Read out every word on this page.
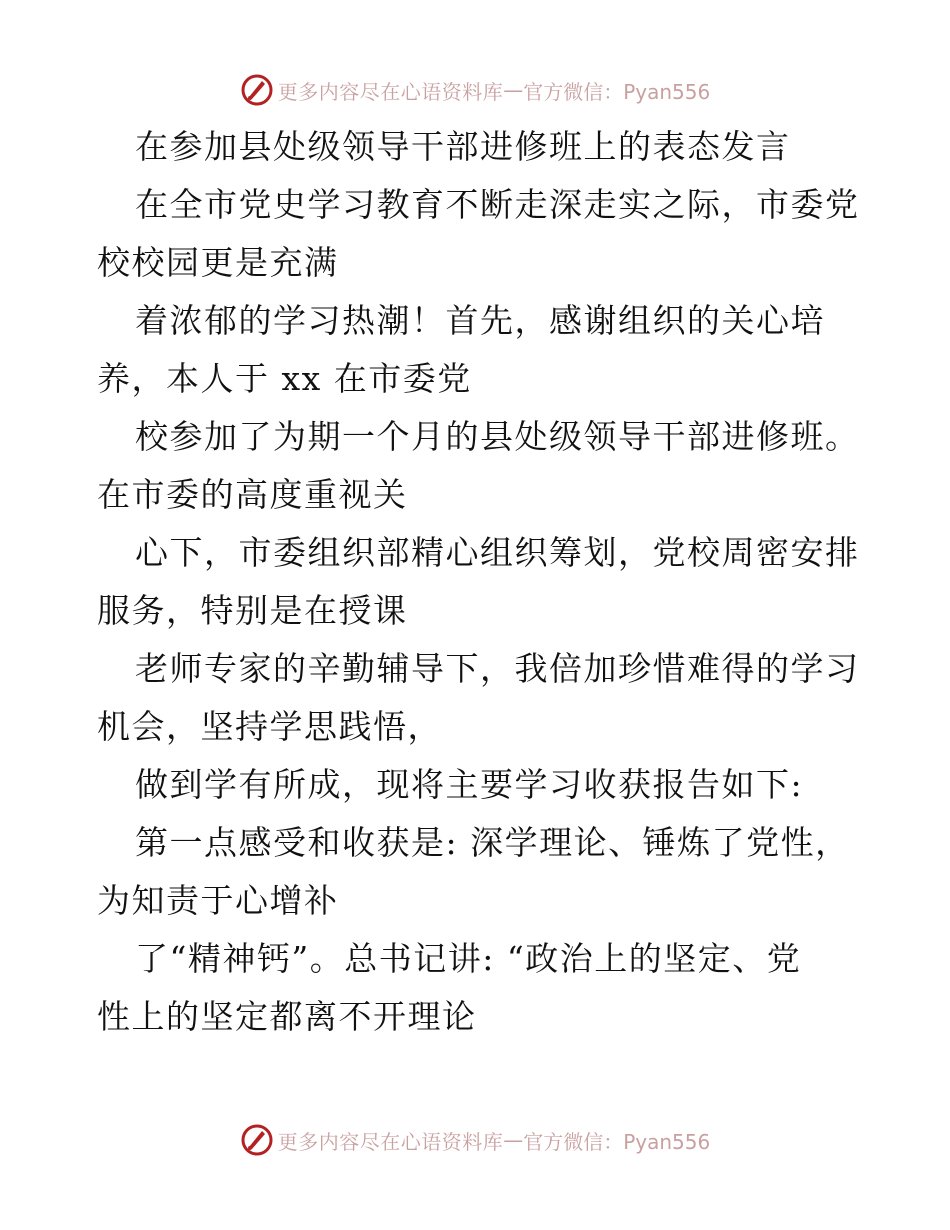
更多内容尽在心语资料库 — 官方微信：Pyan556
在参加县处级领导干部进修班上的表态发言
在全市党史学习教育不断走深走实之际，市委党
校校园更是充满
着浓郁的学习热潮！首先，感谢组织的关心培
养，本人于 xx 在市委党
校参加了为期一个月的县处级领导干部进修班。
在市委的高度重视关
心下，市委组织部精心组织筹划，党校周密安排
服务，特别是在授课
老师专家的辛勤辅导下，我倍加珍惜难得的学习
机会，坚持学思践悟，
做到学有所成，现将主要学习收获报告如下:
第一点感受和收获是: 深学理论、锤炼了党性，
为知责于心增补
了“精神钙”。总书记讲: “政治上的坚定、党
性上的坚定都离不开理论
更多内容尽在心语资料库 — 官方微信：Pyan556
